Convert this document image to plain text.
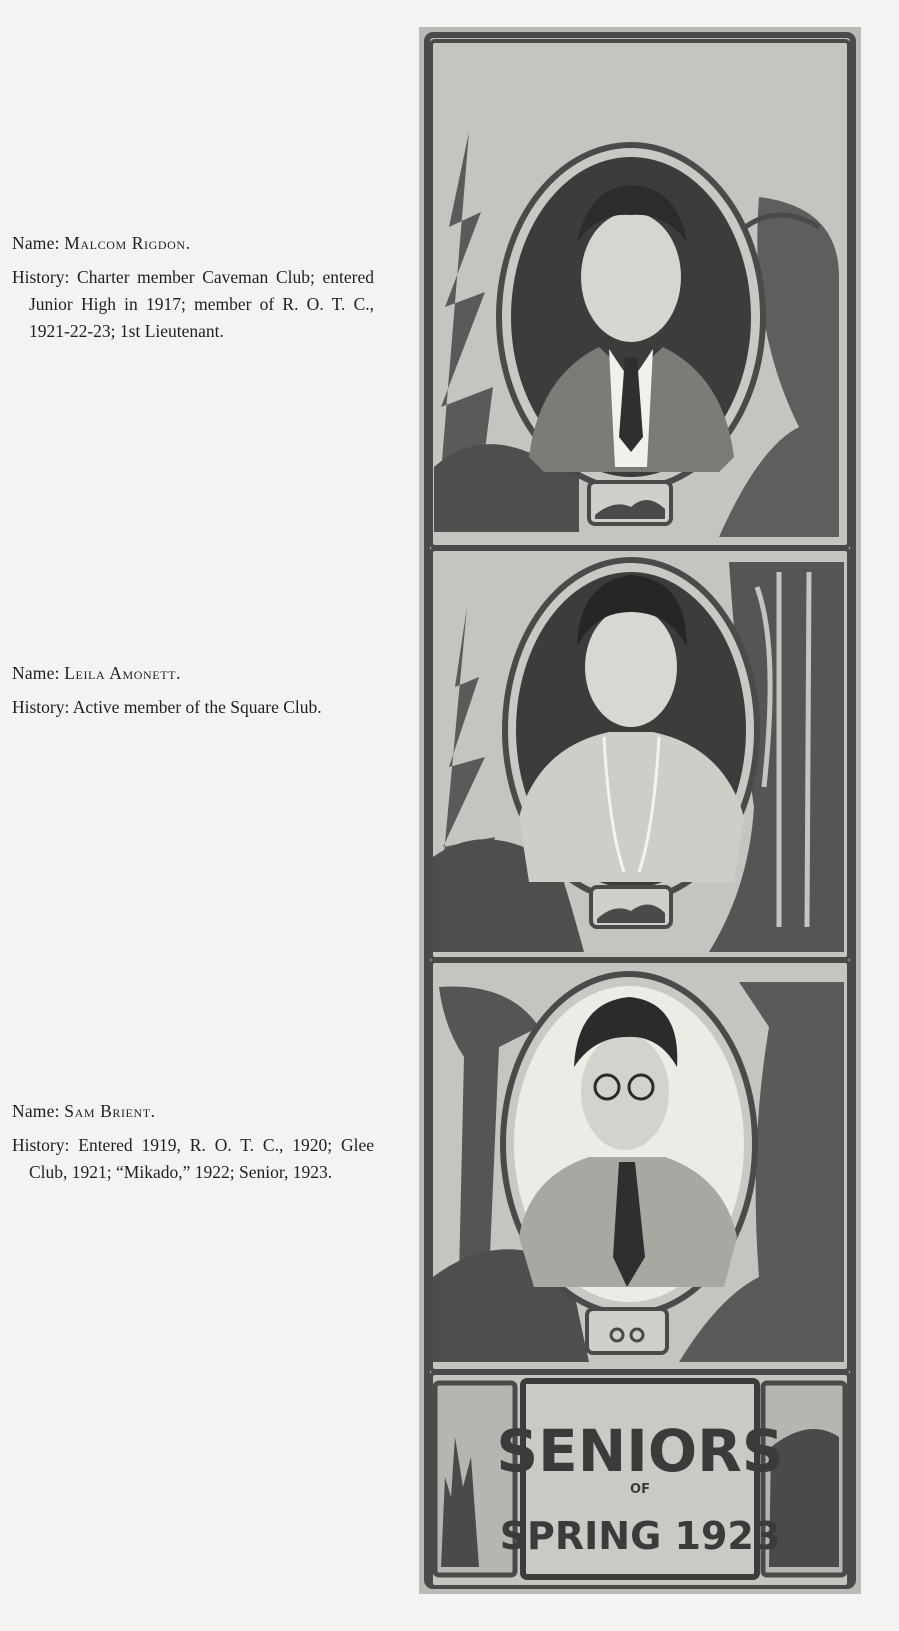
Name: Malcom Rigdon.

History: Charter member Caveman Club; entered Junior High in 1917; member of R. O. T. C., 1921-22-23; 1st Lieutenant.

Name: Leila Amonett.

History: Active member of the Square Club.

Name: Sam Brient.

History: Entered 1919, R. O. T. C., 1920; Glee Club, 1921; “Mikado,” 1922; Senior, 1923.

SENIORS
OF
SPRING 1923
